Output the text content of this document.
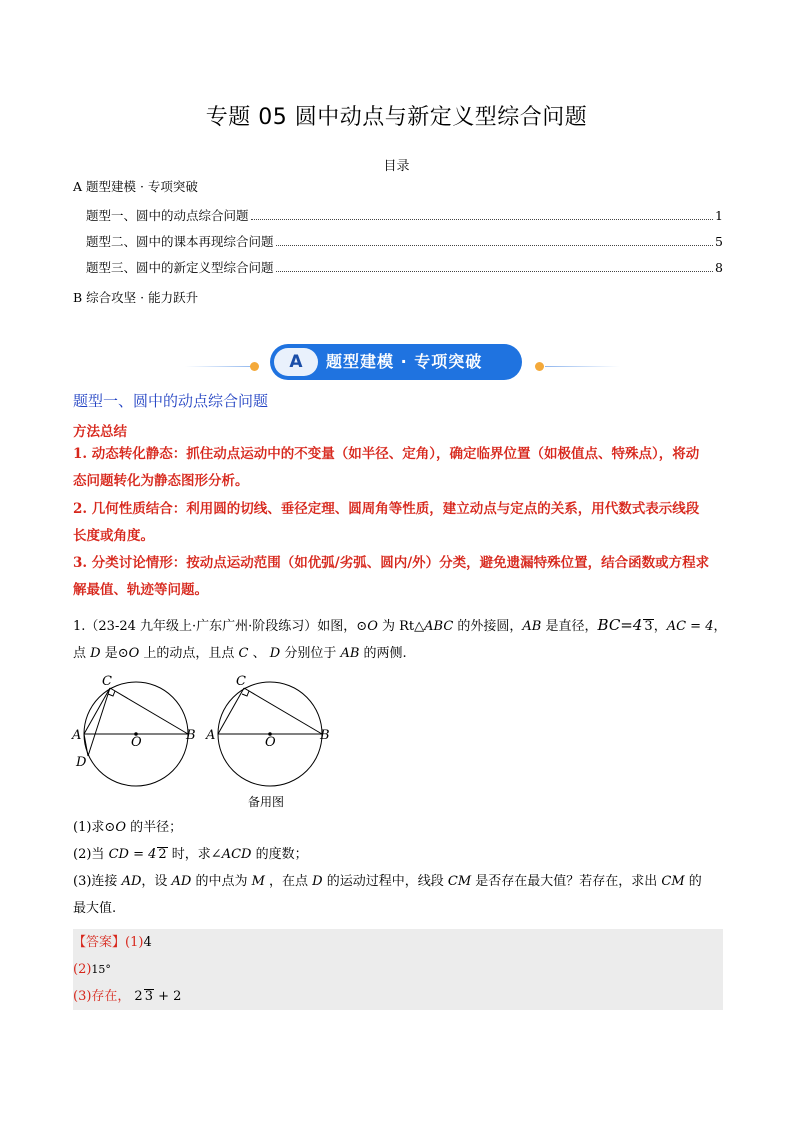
专题 05 圆中动点与新定义型综合问题
目录
A 题型建模 · 专项突破
题型一、圆中的动点综合问题	1
题型二、圆中的课本再现综合问题	5
题型三、圆中的新定义型综合问题	8
B 综合攻坚 · 能力跃升
A	题型建模 · 专项突破
题型一、圆中的动点综合问题
方法总结
1. 动态转化静态：抓住动点运动中的不变量（如半径、定角），确定临界位置（如极值点、特殊点），将动
态问题转化为静态图形分析。
2. 几何性质结合：利用圆的切线、垂径定理、圆周角等性质，建立动点与定点的关系，用代数式表示线段
长度或角度。
3. 分类讨论情形：按动点运动范围（如优弧/劣弧、圆内/外）分类，避免遗漏特殊位置，结合函数或方程求
解最值、轨迹等问题。
1.（23-24 九年级上·广东广州·阶段练习）如图，⊙O 为 Rt△ABC 的外接圆，AB 是直径，BC=4 3，AC = 4，
点 D 是⊙O 上的动点，且点 C 、 D 分别位于 AB 的两侧.
C
A	O	B
D
C
A	O	B
备用图
(1)求⊙O 的半径；
(2)当 CD = 4 2 时，求∠ACD 的度数；
(3)连接 AD，设 AD 的中点为 M ，在点 D 的运动过程中，线段 CM 是否存在最大值？若存在，求出 CM 的
最大值.
【答案】(1)4
(2)15°
(3)存在， 2 3 + 2
